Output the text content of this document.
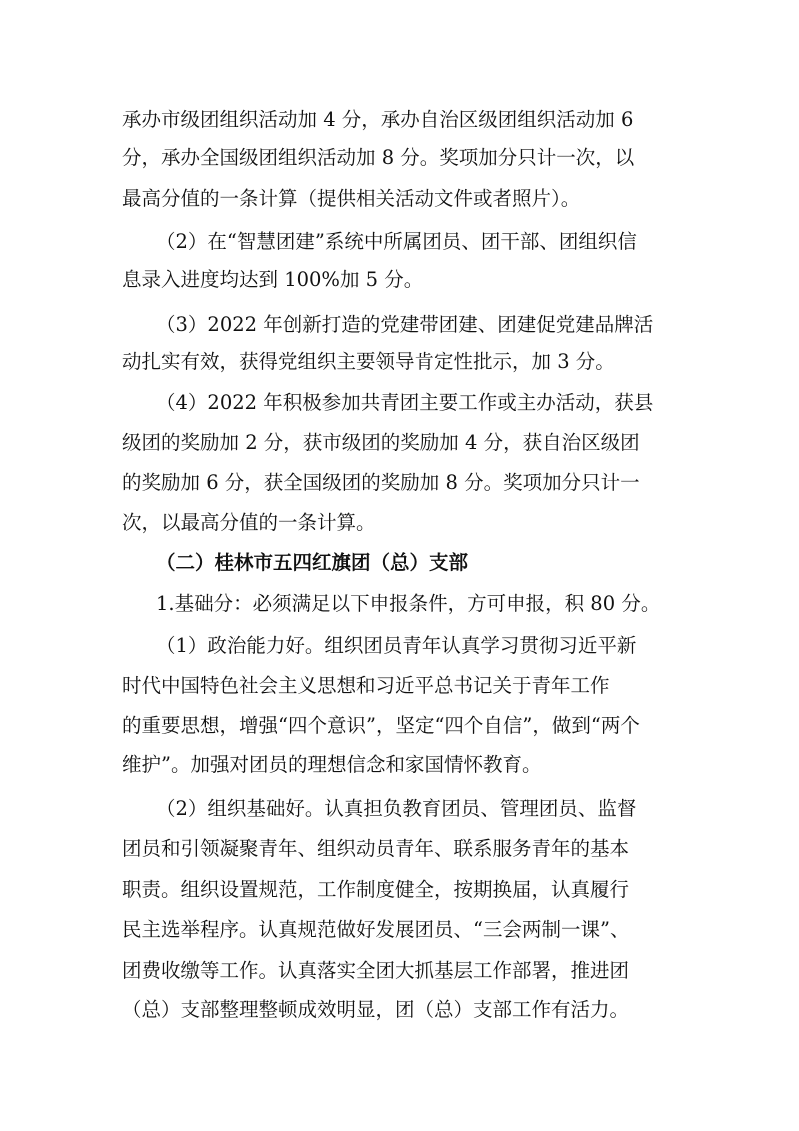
承办市级团组织活动加 4 分，承办自治区级团组织活动加 6
分，承办全国级团组织活动加 8 分。奖项加分只计一次，以
最高分值的一条计算（提供相关活动文件或者照片）。
（2）在“智慧团建”系统中所属团员、团干部、团组织信
息录入进度均达到 100%加 5 分。
（3）2022 年创新打造的党建带团建、团建促党建品牌活
动扎实有效，获得党组织主要领导肯定性批示，加 3 分。
（4）2022 年积极参加共青团主要工作或主办活动，获县
级团的奖励加 2 分，获市级团的奖励加 4 分，获自治区级团
的奖励加 6 分，获全国级团的奖励加 8 分。奖项加分只计一
次，以最高分值的一条计算。
（二）桂林市五四红旗团（总）支部
1.基础分：必须满足以下申报条件，方可申报，积 80 分。
（1）政治能力好。组织团员青年认真学习贯彻习近平新
时代中国特色社会主义思想和习近平总书记关于青年工作
的重要思想，增强“四个意识”，坚定“四个自信”，做到“两个
维护”。加强对团员的理想信念和家国情怀教育。
（2）组织基础好。认真担负教育团员、管理团员、监督
团员和引领凝聚青年、组织动员青年、联系服务青年的基本
职责。组织设置规范，工作制度健全，按期换届，认真履行
民主选举程序。认真规范做好发展团员、“三会两制一课”、
团费收缴等工作。认真落实全团大抓基层工作部署，推进团
（总）支部整理整顿成效明显，团（总）支部工作有活力。
